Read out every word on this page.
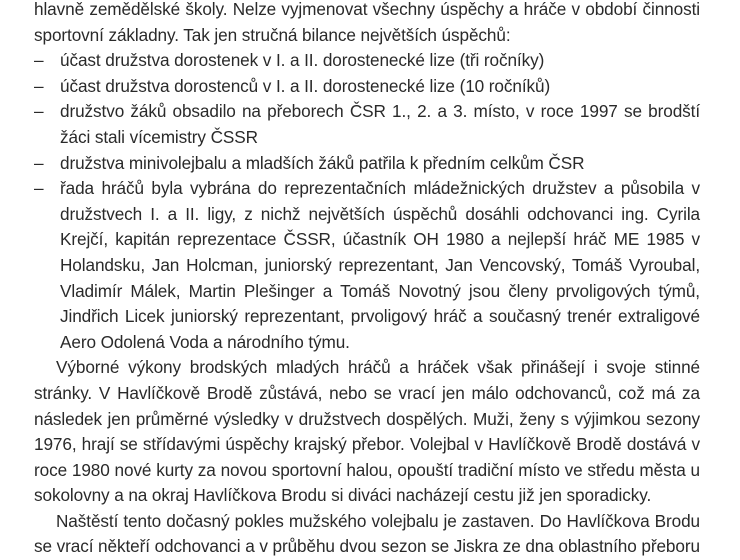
hlavně zemědělské školy. Nelze vyjmenovat všechny úspěchy a hráče v období činnosti sportovní základny. Tak jen stručná bilance největších úspěchů:

– účast družstva dorostenek v I. a II. dorostenecké lize (tři ročníky)
– účast družstva dorostenců v I. a II. dorostenecké lize (10 ročníků)
– družstvo žáků obsadilo na přeborech ČSR 1., 2. a 3. místo, v roce 1997 se brodští žáci stali vícemistry ČSSR
– družstva minivolejbalu a mladších žáků patřila k předním celkům ČSR
– řada hráčů byla vybrána do reprezentačních mládežnických družstev a působila v družstvech I. a II. ligy, z nichž největších úspěchů dosáhli odchovanci ing. Cyrila Krejčí, kapitán reprezentace ČSSR, účastník OH 1980 a nejlepší hráč ME 1985 v Holandsku, Jan Holcman, juniorský reprezentant, Jan Vencovský, Tomáš Vyroubal, Vladimír Málek, Martin Plešinger a Tomáš Novotný jsou členy prvoligových týmů, Jindřich Licek juniorský reprezentant, prvoligový hráč a současný trenér extraligové Aero Odolená Voda a národního týmu.

Výborné výkony brodských mladých hráčů a hráček však přinášejí i svoje stinné stránky. V Havlíčkově Brodě zůstává, nebo se vrací jen málo odchovanců, což má za následek jen průměrné výsledky v družstvech dospělých. Muži, ženy s výjimkou sezony 1976, hrají se střídavými úspěchy krajský přebor. Volejbal v Havlíčkově Brodě dostává v roce 1980 nové kurty za novou sportovní halou, opouští tradiční místo ve středu města u sokolovny a na okraj Havlíčkova Brodu si diváci nacházejí cestu již jen sporadicky.

Naštěstí tento dočasný pokles mužského volejbalu je zastaven. Do Havlíčkova Brodu se vrací někteří odchovanci a v průběhu dvou sezon se Jiskra ze dna oblastního přeboru
